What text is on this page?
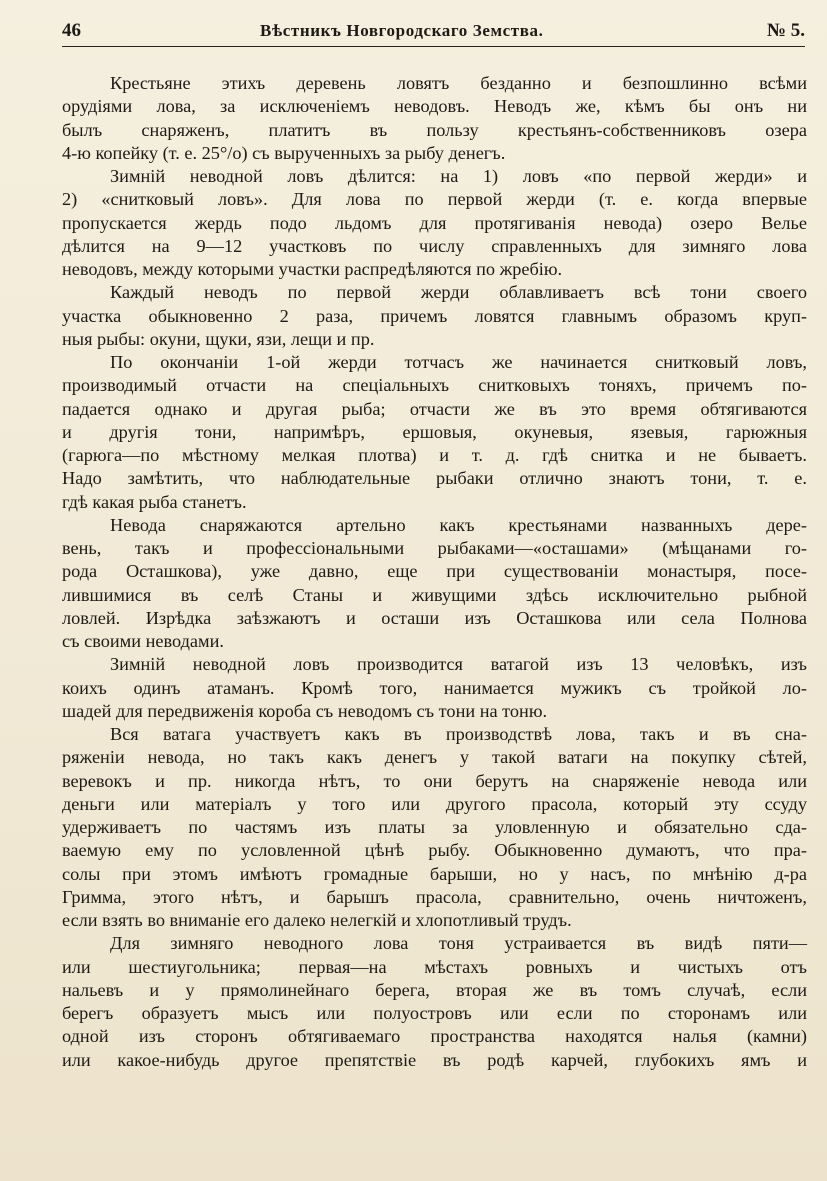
46	Вѣстникъ Новгородскаго Земства.	№ 5.
Крестьяне этихъ деревень ловятъ безданно и безпошлинно всѣми
орудіями лова, за исключеніемъ неводовъ. Неводъ же, кѣмъ бы онъ ни
былъ снаряженъ, платитъ въ пользу крестьянъ-собственниковъ озера
4-ю копейку (т. е. 25°/о) съ вырученныхъ за рыбу денегъ.
Зимній неводной ловъ дѣлится: на 1) ловъ «по первой жерди» и
2) «снитковый ловъ». Для лова по первой жерди (т. е. когда впервые
пропускается жердь подо льдомъ для протягиванія невода) озеро Велье
дѣлится на 9—12 участковъ по числу справленныхъ для зимняго лова
неводовъ, между которыми участки распредѣляются по жребію.
Каждый неводъ по первой жерди облавливаетъ всѣ тони своего
участка обыкновенно 2 раза, причемъ ловятся главнымъ образомъ круп-
ныя рыбы: окуни, щуки, язи, лещи и пр.
По окончаніи 1-ой жерди тотчасъ же начинается снитковый ловъ,
производимый отчасти на спеціальныхъ снитковыхъ тоняхъ, причемъ по-
падается однако и другая рыба; отчасти же въ это время обтягиваются
и другія тони, напримѣръ, ершовыя, окуневыя, язевыя, гарюжныя
(гарюга—по мѣстному мелкая плотва) и т. д. гдѣ снитка и не бываетъ.
Надо замѣтить, что наблюдательные рыбаки отлично знаютъ тони, т. е.
гдѣ какая рыба станетъ.
Невода снаряжаются артельно какъ крестьянами названныхъ дере-
вень, такъ и профессіональными рыбаками—«осташами» (мѣщанами го-
рода Осташкова), уже давно, еще при существованіи монастыря, посе-
лившимися въ селѣ Станы и живущими здѣсь исключительно рыбной
ловлей. Изрѣдка заѣзжаютъ и осташи изъ Осташкова или села Полнова
съ своими неводами.
Зимній неводной ловъ производится ватагой изъ 13 человѣкъ, изъ
коихъ одинъ атаманъ. Кромѣ того, нанимается мужикъ съ тройкой ло-
шадей для передвиженія короба съ неводомъ съ тони на тоню.
Вся ватага участвуетъ какъ въ производствѣ лова, такъ и въ сна-
ряженіи невода, но такъ какъ денегъ у такой ватаги на покупку сѣтей,
веревокъ и пр. никогда нѣтъ, то они берутъ на снаряженіе невода или
деньги или матеріалъ у того или другого прасола, который эту ссуду
удерживаетъ по частямъ изъ платы за уловленную и обязательно сда-
ваемую ему по условленной цѣнѣ рыбу. Обыкновенно думаютъ, что пра-
солы при этомъ имѣютъ громадные барыши, но у насъ, по мнѣнію д-ра
Гримма, этого нѣтъ, и барышъ прасола, сравнительно, очень ничтоженъ,
если взять во вниманіе его далеко нелегкій и хлопотливый трудъ.
Для зимняго неводного лова тоня устраивается въ видѣ пяти—
или шестиугольника; первая—на мѣстахъ ровныхъ и чистыхъ отъ
нальевъ и у прямолинейнаго берега, вторая же въ томъ случаѣ, если
берегъ образуетъ мысъ или полуостровъ или если по сторонамъ или
одной изъ сторонъ обтягиваемаго пространства находятся налья (камни)
или какое-нибудь другое препятствіе въ родѣ карчей, глубокихъ ямъ и
